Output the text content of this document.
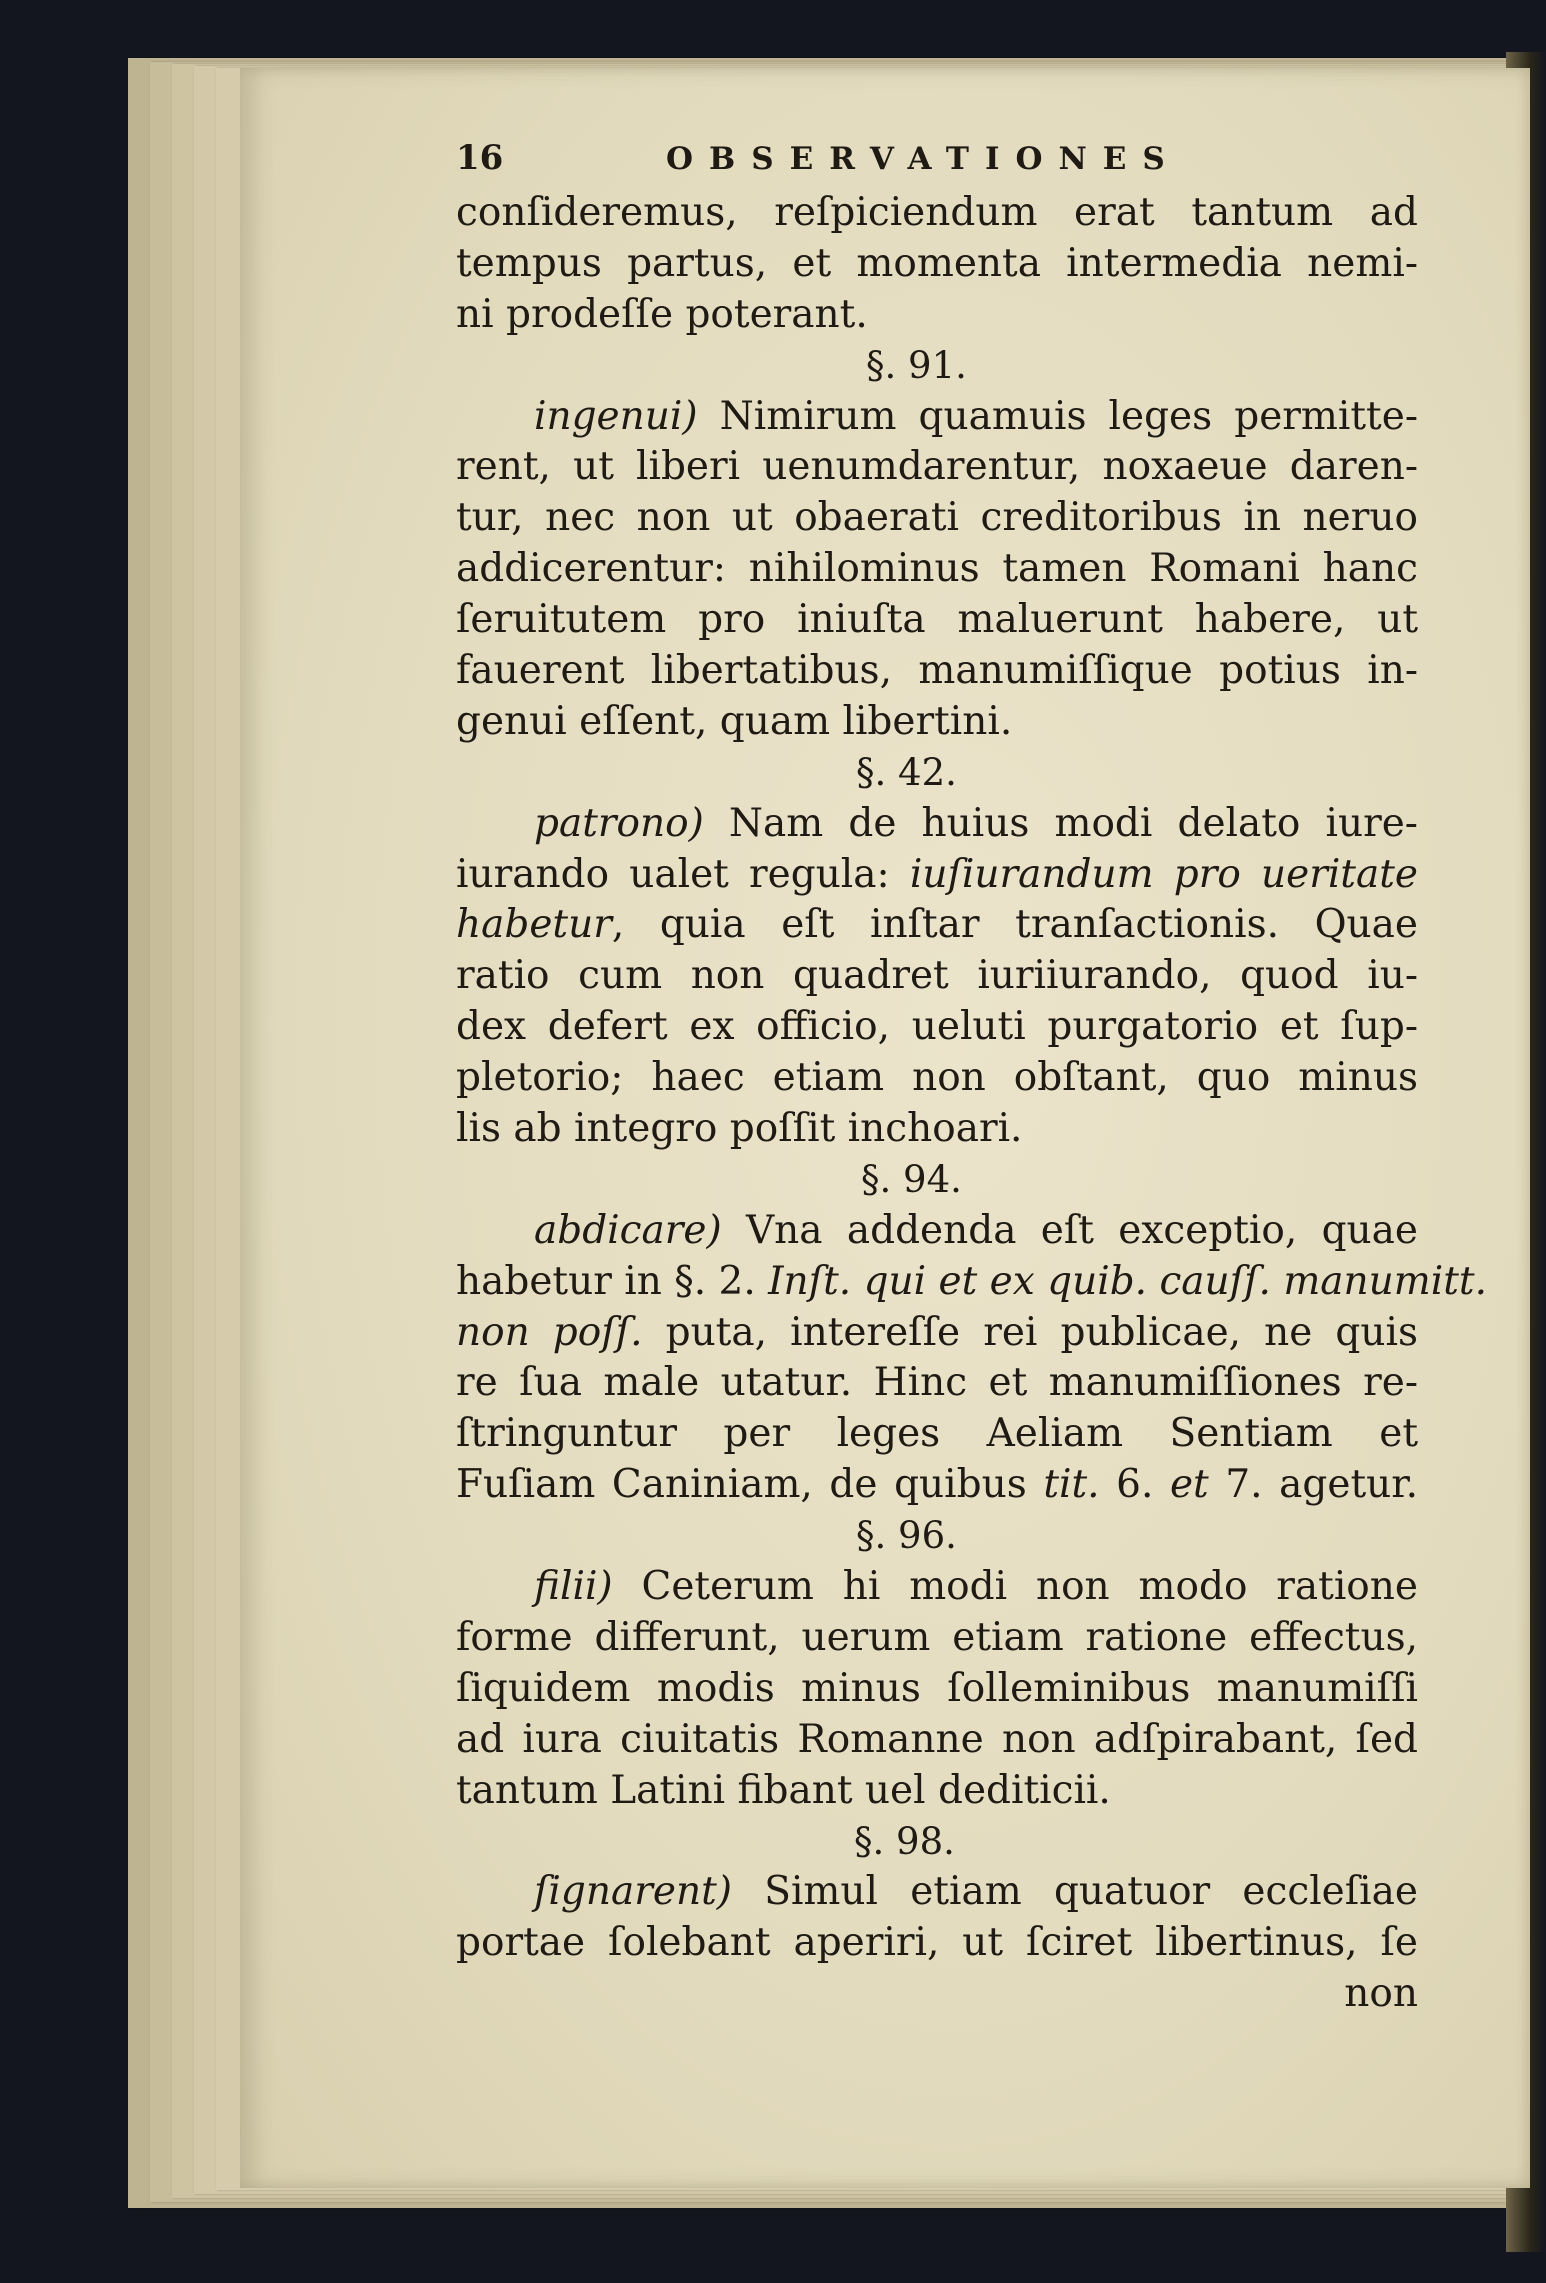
16	OBSERVATIONES
conſideremus, reſpiciendum erat tantum ad
tempus partus, et momenta intermedia nemi-
ni prodeſſe poterant.
§. 91.
ingenui) Nimirum quamuis leges permitte-
rent, ut liberi uenumdarentur, noxaeue daren-
tur, nec non ut obaerati creditoribus in neruo
addicerentur: nihilominus tamen Romani hanc
ſeruitutem pro iniuſta maluerunt habere, ut
fauerent libertatibus, manumiſſique potius in-
genui eſſent, quam libertini.
§. 42.
patrono) Nam de huius modi delato iure-
iurando ualet regula: iuſiurandum pro ueritate
habetur, quia eſt inſtar tranſactionis. Quae
ratio cum non quadret iuriiurando, quod iu-
dex defert ex officio, ueluti purgatorio et ſup-
pletorio; haec etiam non obſtant, quo minus
lis ab integro poſſit inchoari.
§. 94.
abdicare) Vna addenda eſt exceptio, quae
habetur in §. 2. Inſt. qui et ex quib. cauſſ. manumitt.
non poſſ. puta, intereſſe rei publicae, ne quis
re ſua male utatur. Hinc et manumiſſiones re-
ſtringuntur per leges Aeliam Sentiam et
Fuſiam Caniniam, de quibus tit. 6. et 7. agetur.
§. 96.
filii) Ceterum hi modi non modo ratione
forme differunt, uerum etiam ratione effectus,
ſiquidem modis minus ſolleminibus manumiſſi
ad iura ciuitatis Romanne non adſpirabant, ſed
tantum Latini fibant uel dediticii.
§. 98.
ſignarent) Simul etiam quatuor eccleſiae
portae ſolebant aperiri, ut ſciret libertinus, ſe
non
